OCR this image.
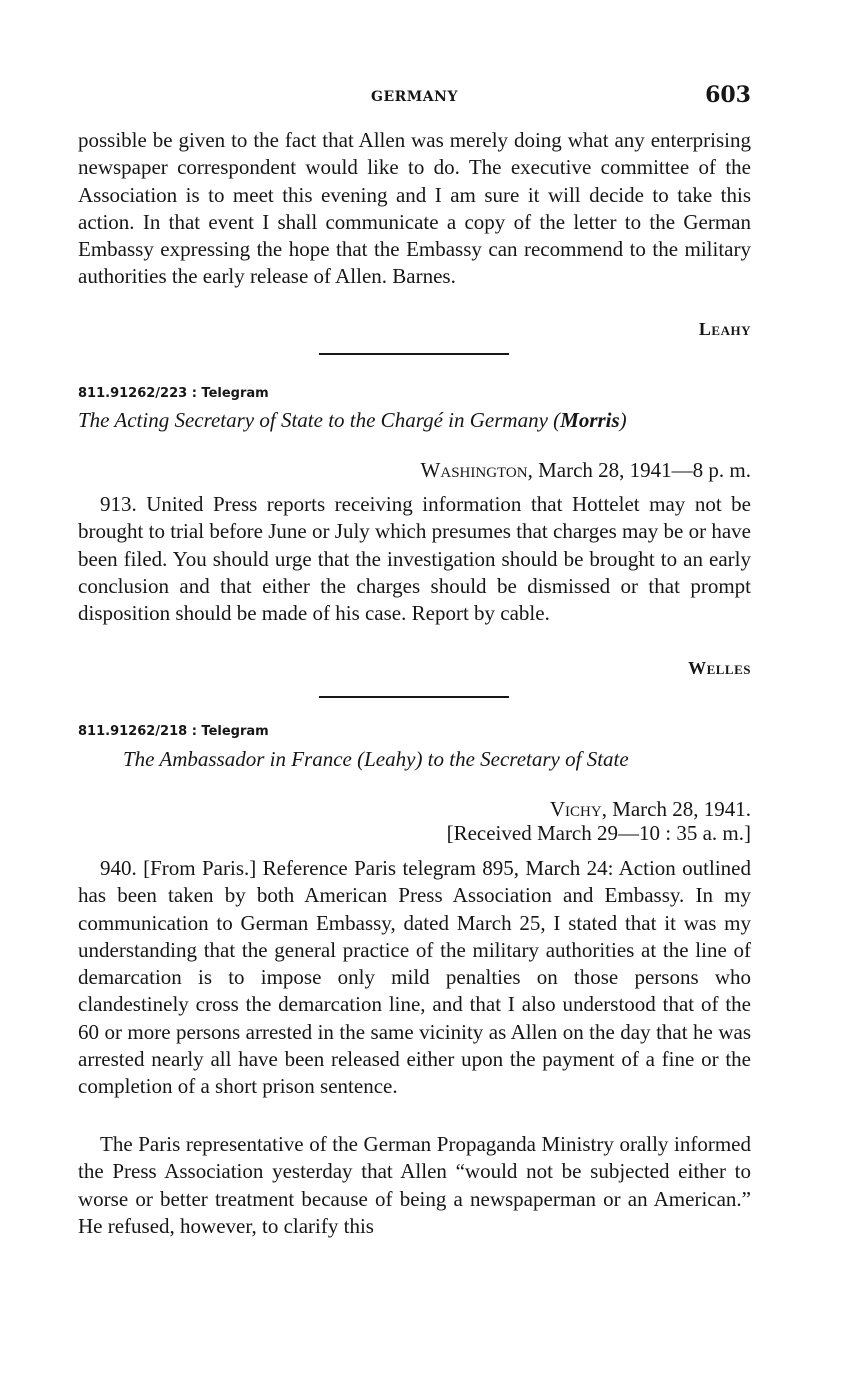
GERMANY	603

possible be given to the fact that Allen was merely doing what any enterprising newspaper correspondent would like to do. The executive committee of the Association is to meet this evening and I am sure it will decide to take this action. In that event I shall communicate a copy of the letter to the German Embassy expressing the hope that the Embassy can recommend to the military authorities the early release of Allen. Barnes.

Leahy
811.91262/223 : Telegram
The Acting Secretary of State to the Chargé in Germany (Morris)
Washington, March 28, 1941—8 p. m.

913. United Press reports receiving information that Hottelet may not be brought to trial before June or July which presumes that charges may be or have been filed. You should urge that the investigation should be brought to an early conclusion and that either the charges should be dismissed or that prompt disposition should be made of his case. Report by cable.

Welles
811.91262/218 : Telegram
The Ambassador in France (Leahy) to the Secretary of State
Vichy, March 28, 1941.
[Received March 29—10 : 35 a. m.]

940. [From Paris.] Reference Paris telegram 895, March 24: Action outlined has been taken by both American Press Association and Embassy. In my communication to German Embassy, dated March 25, I stated that it was my understanding that the general practice of the military authorities at the line of demarcation is to impose only mild penalties on those persons who clandestinely cross the demarcation line, and that I also understood that of the 60 or more persons arrested in the same vicinity as Allen on the day that he was arrested nearly all have been released either upon the payment of a fine or the completion of a short prison sentence.

The Paris representative of the German Propaganda Ministry orally informed the Press Association yesterday that Allen “would not be subjected either to worse or better treatment because of being a newspaperman or an American.” He refused, however, to clarify this
